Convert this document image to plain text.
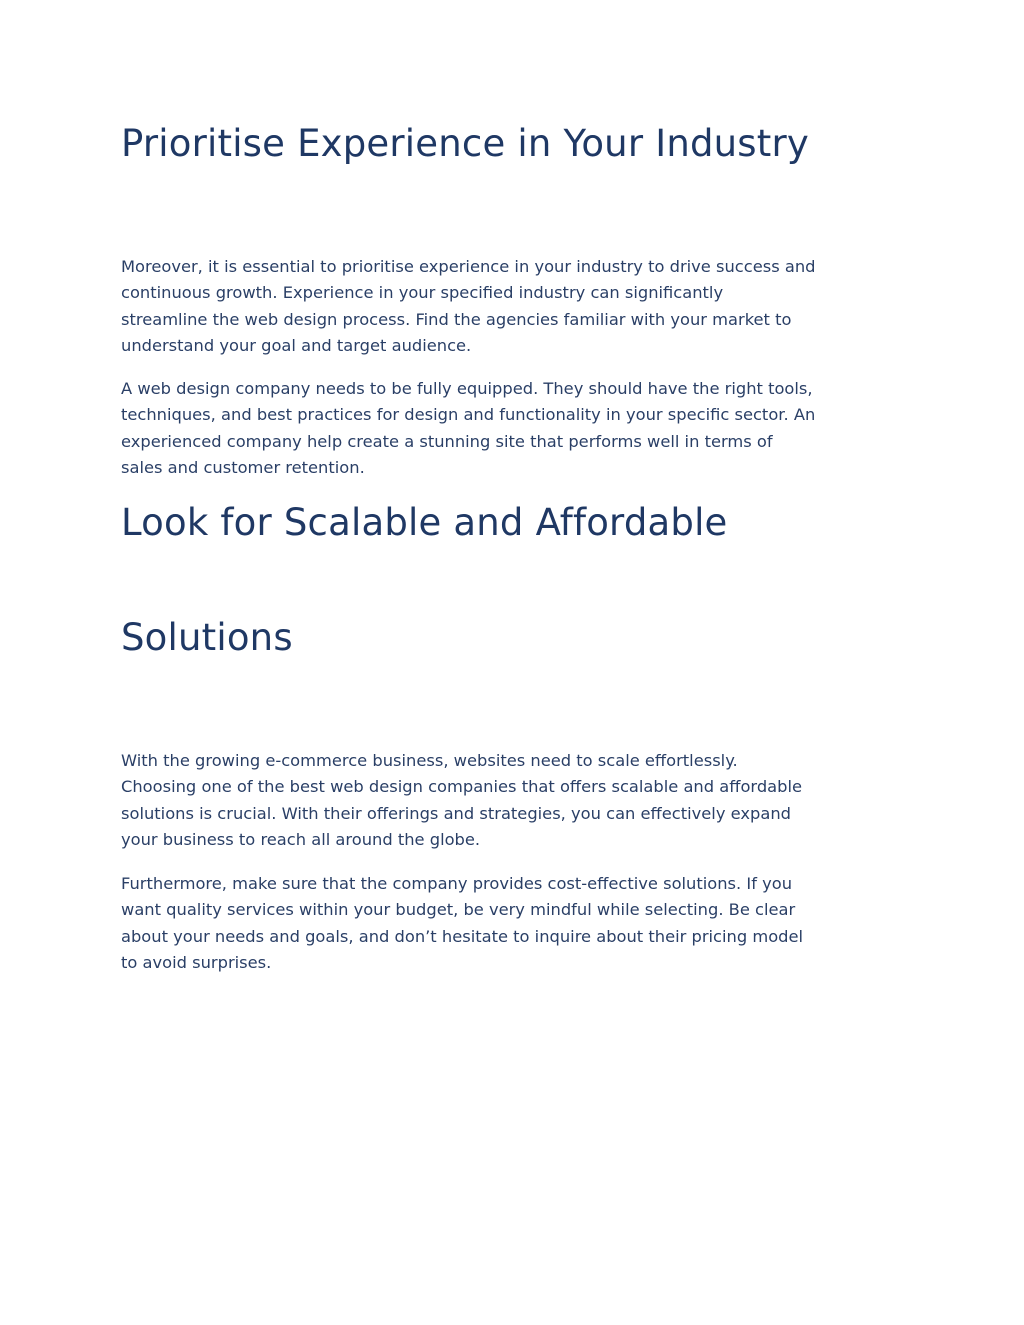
Prioritise Experience in Your Industry

Moreover, it is essential to prioritise experience in your industry to drive success and
continuous growth. Experience in your specified industry can significantly
streamline the web design process. Find the agencies familiar with your market to
understand your goal and target audience.

A web design company needs to be fully equipped. They should have the right tools,
techniques, and best practices for design and functionality in your specific sector. An
experienced company help create a stunning site that performs well in terms of
sales and customer retention.

Look for Scalable and Affordable
Solutions

With the growing e-commerce business, websites need to scale effortlessly.
Choosing one of the best web design companies that offers scalable and affordable
solutions is crucial. With their offerings and strategies, you can effectively expand
your business to reach all around the globe.

Furthermore, make sure that the company provides cost-effective solutions. If you
want quality services within your budget, be very mindful while selecting. Be clear
about your needs and goals, and don’t hesitate to inquire about their pricing model
to avoid surprises.
